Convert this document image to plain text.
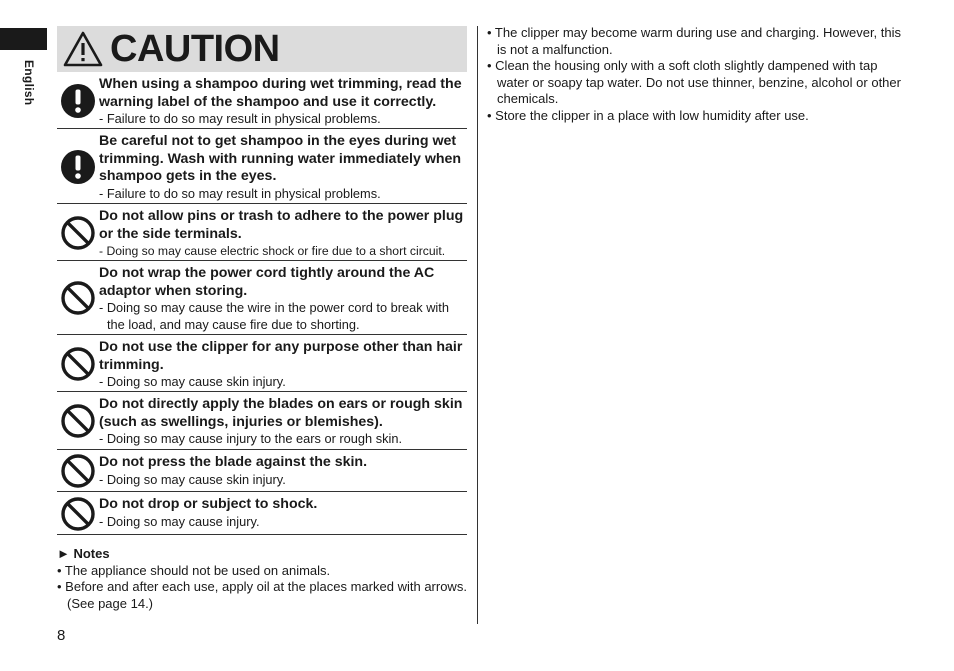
English
CAUTION
When using a shampoo during wet trimming, read the warning label of the shampoo and use it correctly.
- Failure to do so may result in physical problems.
Be careful not to get shampoo in the eyes during wet trimming. Wash with running water immediately when shampoo gets in the eyes.
- Failure to do so may result in physical problems.
Do not allow pins or trash to adhere to the power plug or the side terminals.
- Doing so may cause electric shock or fire due to a short circuit.
Do not wrap the power cord tightly around the AC adaptor when storing.
- Doing so may cause the wire in the power cord to break with the load, and may cause fire due to shorting.
Do not use the clipper for any purpose other than hair trimming.
- Doing so may cause skin injury.
Do not directly apply the blades on ears or rough skin (such as swellings, injuries or blemishes).
- Doing so may cause injury to the ears or rough skin.
Do not press the blade against the skin.
- Doing so may cause skin injury.
Do not drop or subject to shock.
- Doing so may cause injury.
► Notes
• The appliance should not be used on animals.
• Before and after each use, apply oil at the places marked with arrows. (See page 14.)
8
• The clipper may become warm during use and charging. However, this is not a malfunction.
• Clean the housing only with a soft cloth slightly dampened with tap water or soapy tap water. Do not use thinner, benzine, alcohol or other chemicals.
• Store the clipper in a place with low humidity after use.
